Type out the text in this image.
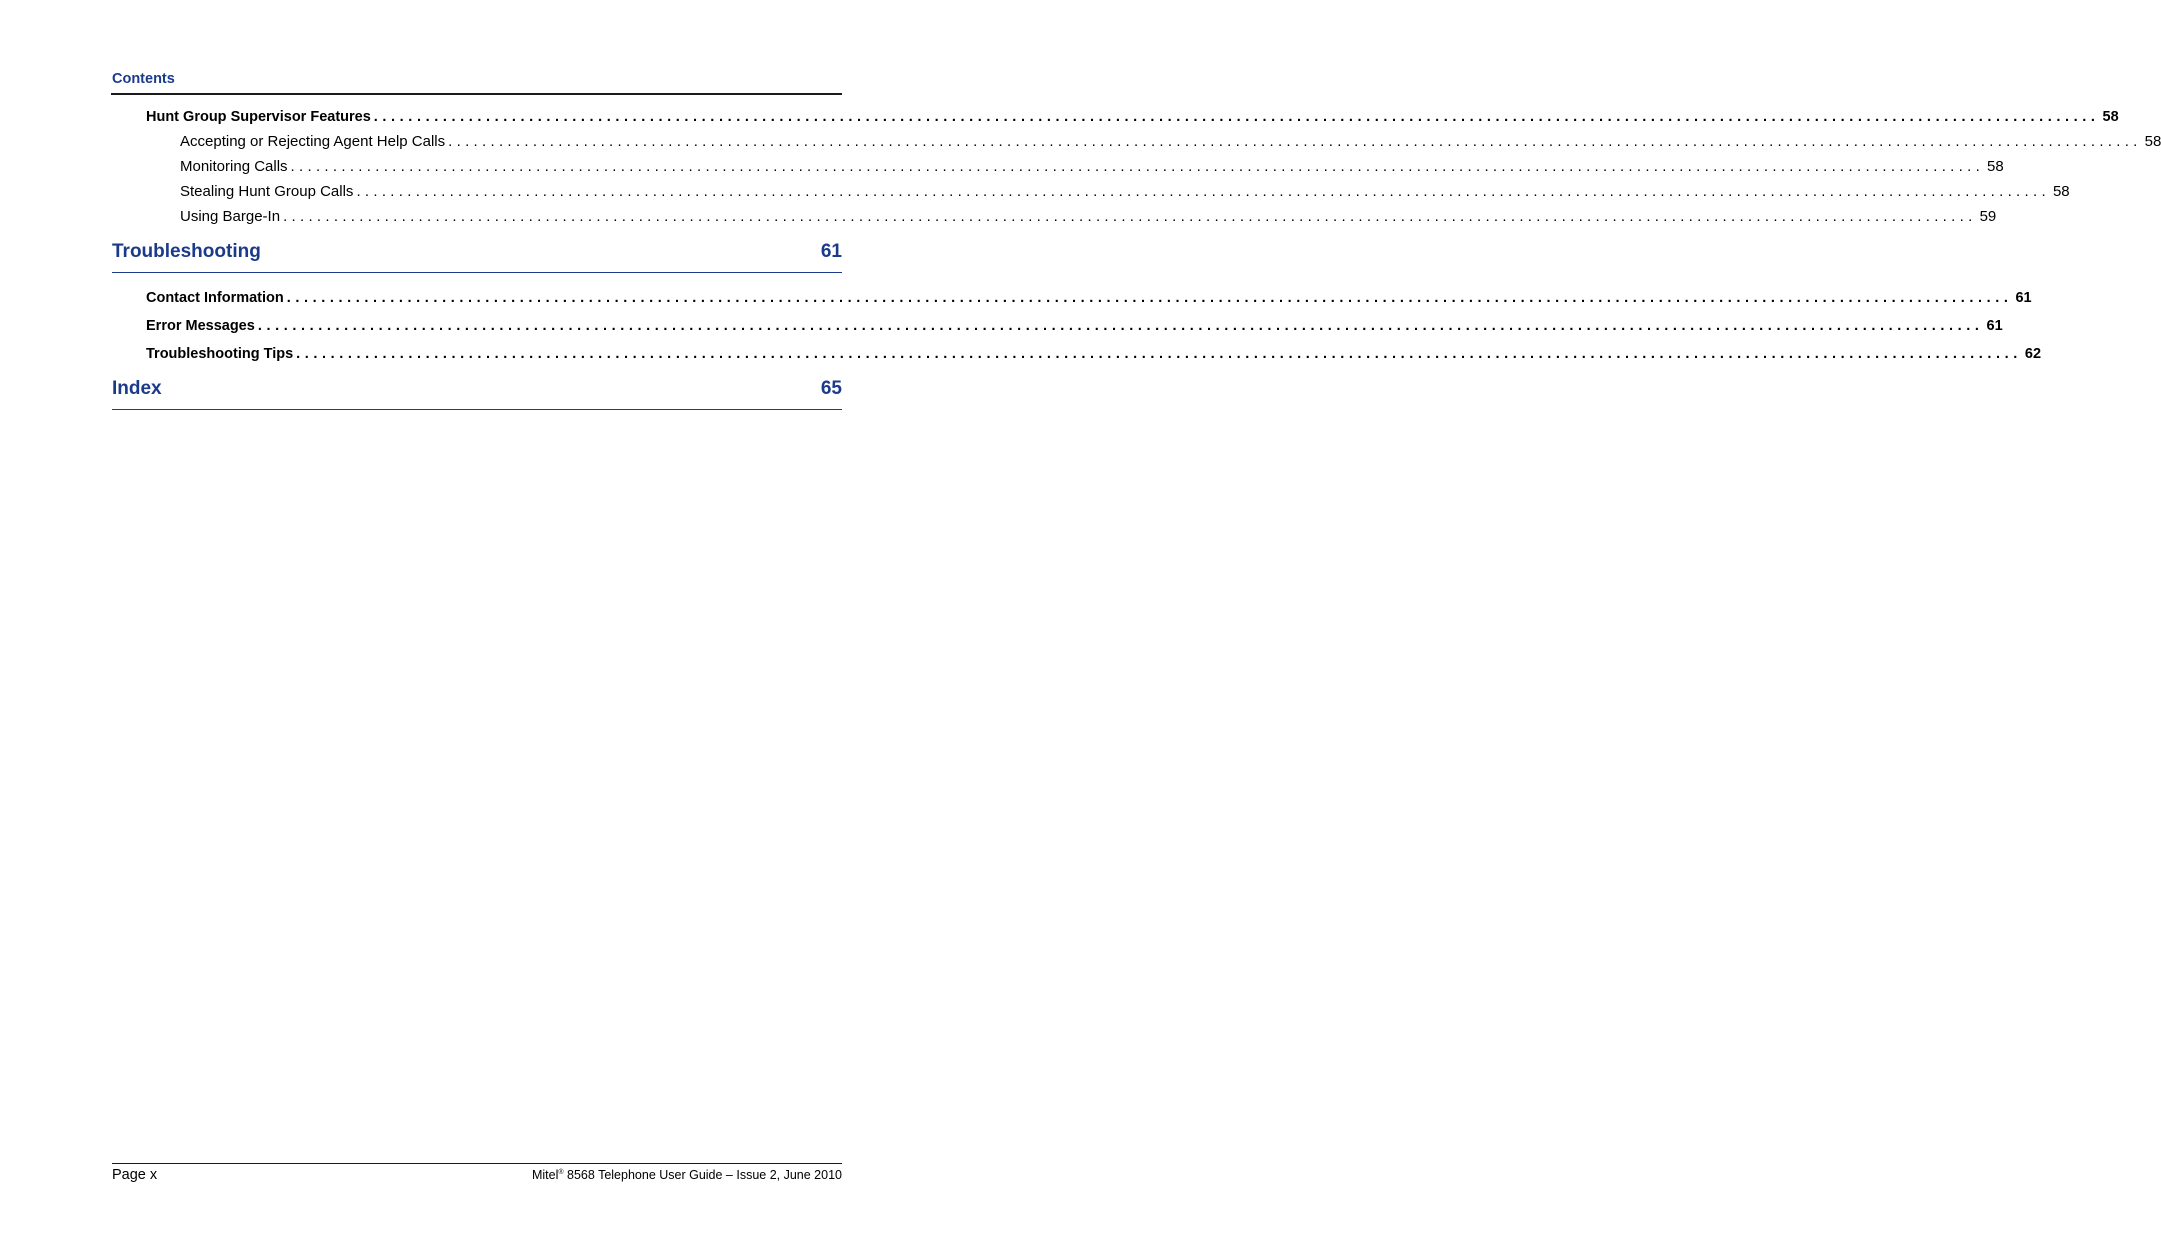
Contents
Hunt Group Supervisor Features ........................................................................................................................................................................................................ 58
Accepting or Rejecting Agent Help Calls ........................................................................................................................................................................................................ 58
Monitoring Calls ........................................................................................................................................................................................................ 58
Stealing Hunt Group Calls ........................................................................................................................................................................................................ 58
Using Barge-In ........................................................................................................................................................................................................ 59
Troubleshooting	61
Contact Information ........................................................................................................................................................................................................ 61
Error Messages ........................................................................................................................................................................................................ 61
Troubleshooting Tips ........................................................................................................................................................................................................ 62
Index	65
Page x	Mitel® 8568 Telephone User Guide – Issue 2, June 2010
